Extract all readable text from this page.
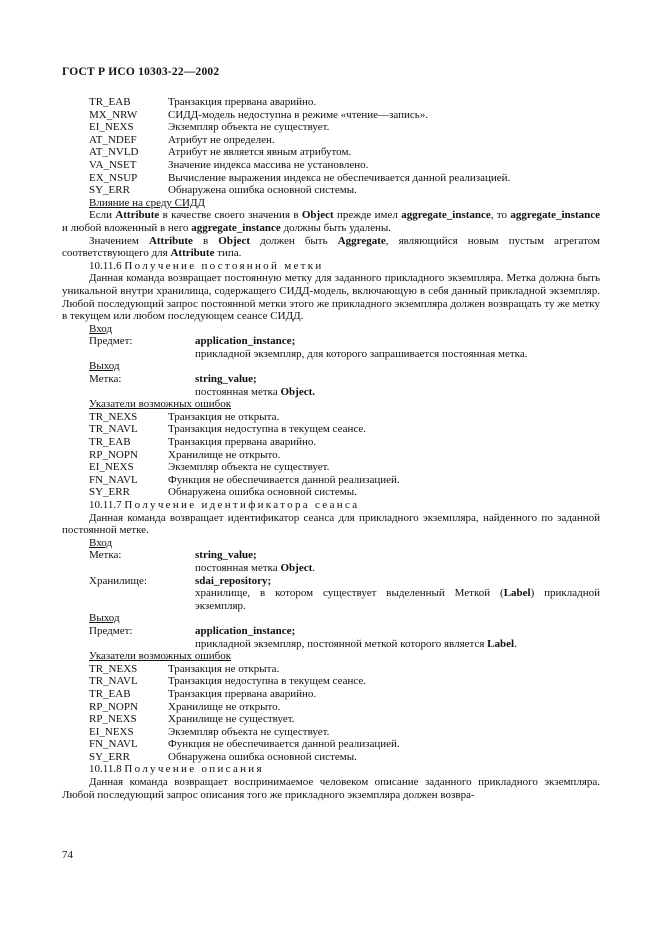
ГОСТ Р ИСО 10303-22—2002
TR_EAB	Транзакция прервана аварийно.
MX_NRW	СИДД-модель недоступна в режиме «чтение—запись».
EI_NEXS	Экземпляр объекта не существует.
AT_NDEF	Атрибут не определен.
AT_NVLD	Атрибут не является явным атрибутом.
VA_NSET	Значение индекса массива не установлено.
EX_NSUP	Вычисление выражения индекса не обеспечивается данной реализацией.
SY_ERR	Обнаружена ошибка основной системы.
Влияние на среду СИДД

Если Attribute в качестве своего значения в Object прежде имел aggregate_instance, то aggregate_instance и любой вложенный в него aggregate_instance должны быть удалены.

Значением Attribute в Object должен быть Aggregate, являющийся новым пустым агрегатом соответствующего для Attribute типа.

10.11.6 Получение постоянной метки

Данная команда возвращает постоянную метку для заданного прикладного экземпляра. Метка должна быть уникальной внутри хранилища, содержащего СИДД-модель, включающую в себя данный прикладной экземпляр. Любой последующий запрос постоянной метки этого же прикладного экземпляра должен возвращать ту же метку в текущем или любом последующем сеансе СИДД.

Вход
Предмет:	application_instance;
прикладной экземпляр, для которого запрашивается постоянная метка.
Выход
Метка:	string_value;
постоянная метка Object.
Указатели возможных ошибок
TR_NEXS	Транзакция не открыта.
TR_NAVL	Транзакция недоступна в текущем сеансе.
TR_EAB	Транзакция прервана аварийно.
RP_NOPN	Хранилище не открыто.
EI_NEXS	Экземпляр объекта не существует.
FN_NAVL	Функция не обеспечивается данной реализацией.
SY_ERR	Обнаружена ошибка основной системы.
10.11.7 Получение идентификатора сеанса

Данная команда возвращает идентификатор сеанса для прикладного экземпляра, найденного по заданной постоянной метке.

Вход
Метка:	string_value;
постоянная метка Object.
Хранилище:	sdai_repository;
хранилище, в котором существует выделенный Меткой (Label) прикладной экземпляр.
Выход
Предмет:	application_instance;
прикладной экземпляр, постоянной меткой которого является Label.
Указатели возможных ошибок
TR_NEXS	Транзакция не открыта.
TR_NAVL	Транзакция недоступна в текущем сеансе.
TR_EAB	Транзакция прервана аварийно.
RP_NOPN	Хранилище не открыто.
RP_NEXS	Хранилище не существует.
EI_NEXS	Экземпляр объекта не существует.
FN_NAVL	Функция не обеспечивается данной реализацией.
SY_ERR	Обнаружена ошибка основной системы.
10.11.8 Получение описания

Данная команда возвращает воспринимаемое человеком описание заданного прикладного экземпляра. Любой последующий запрос описания того же прикладного экземпляра должен возвра-

74
